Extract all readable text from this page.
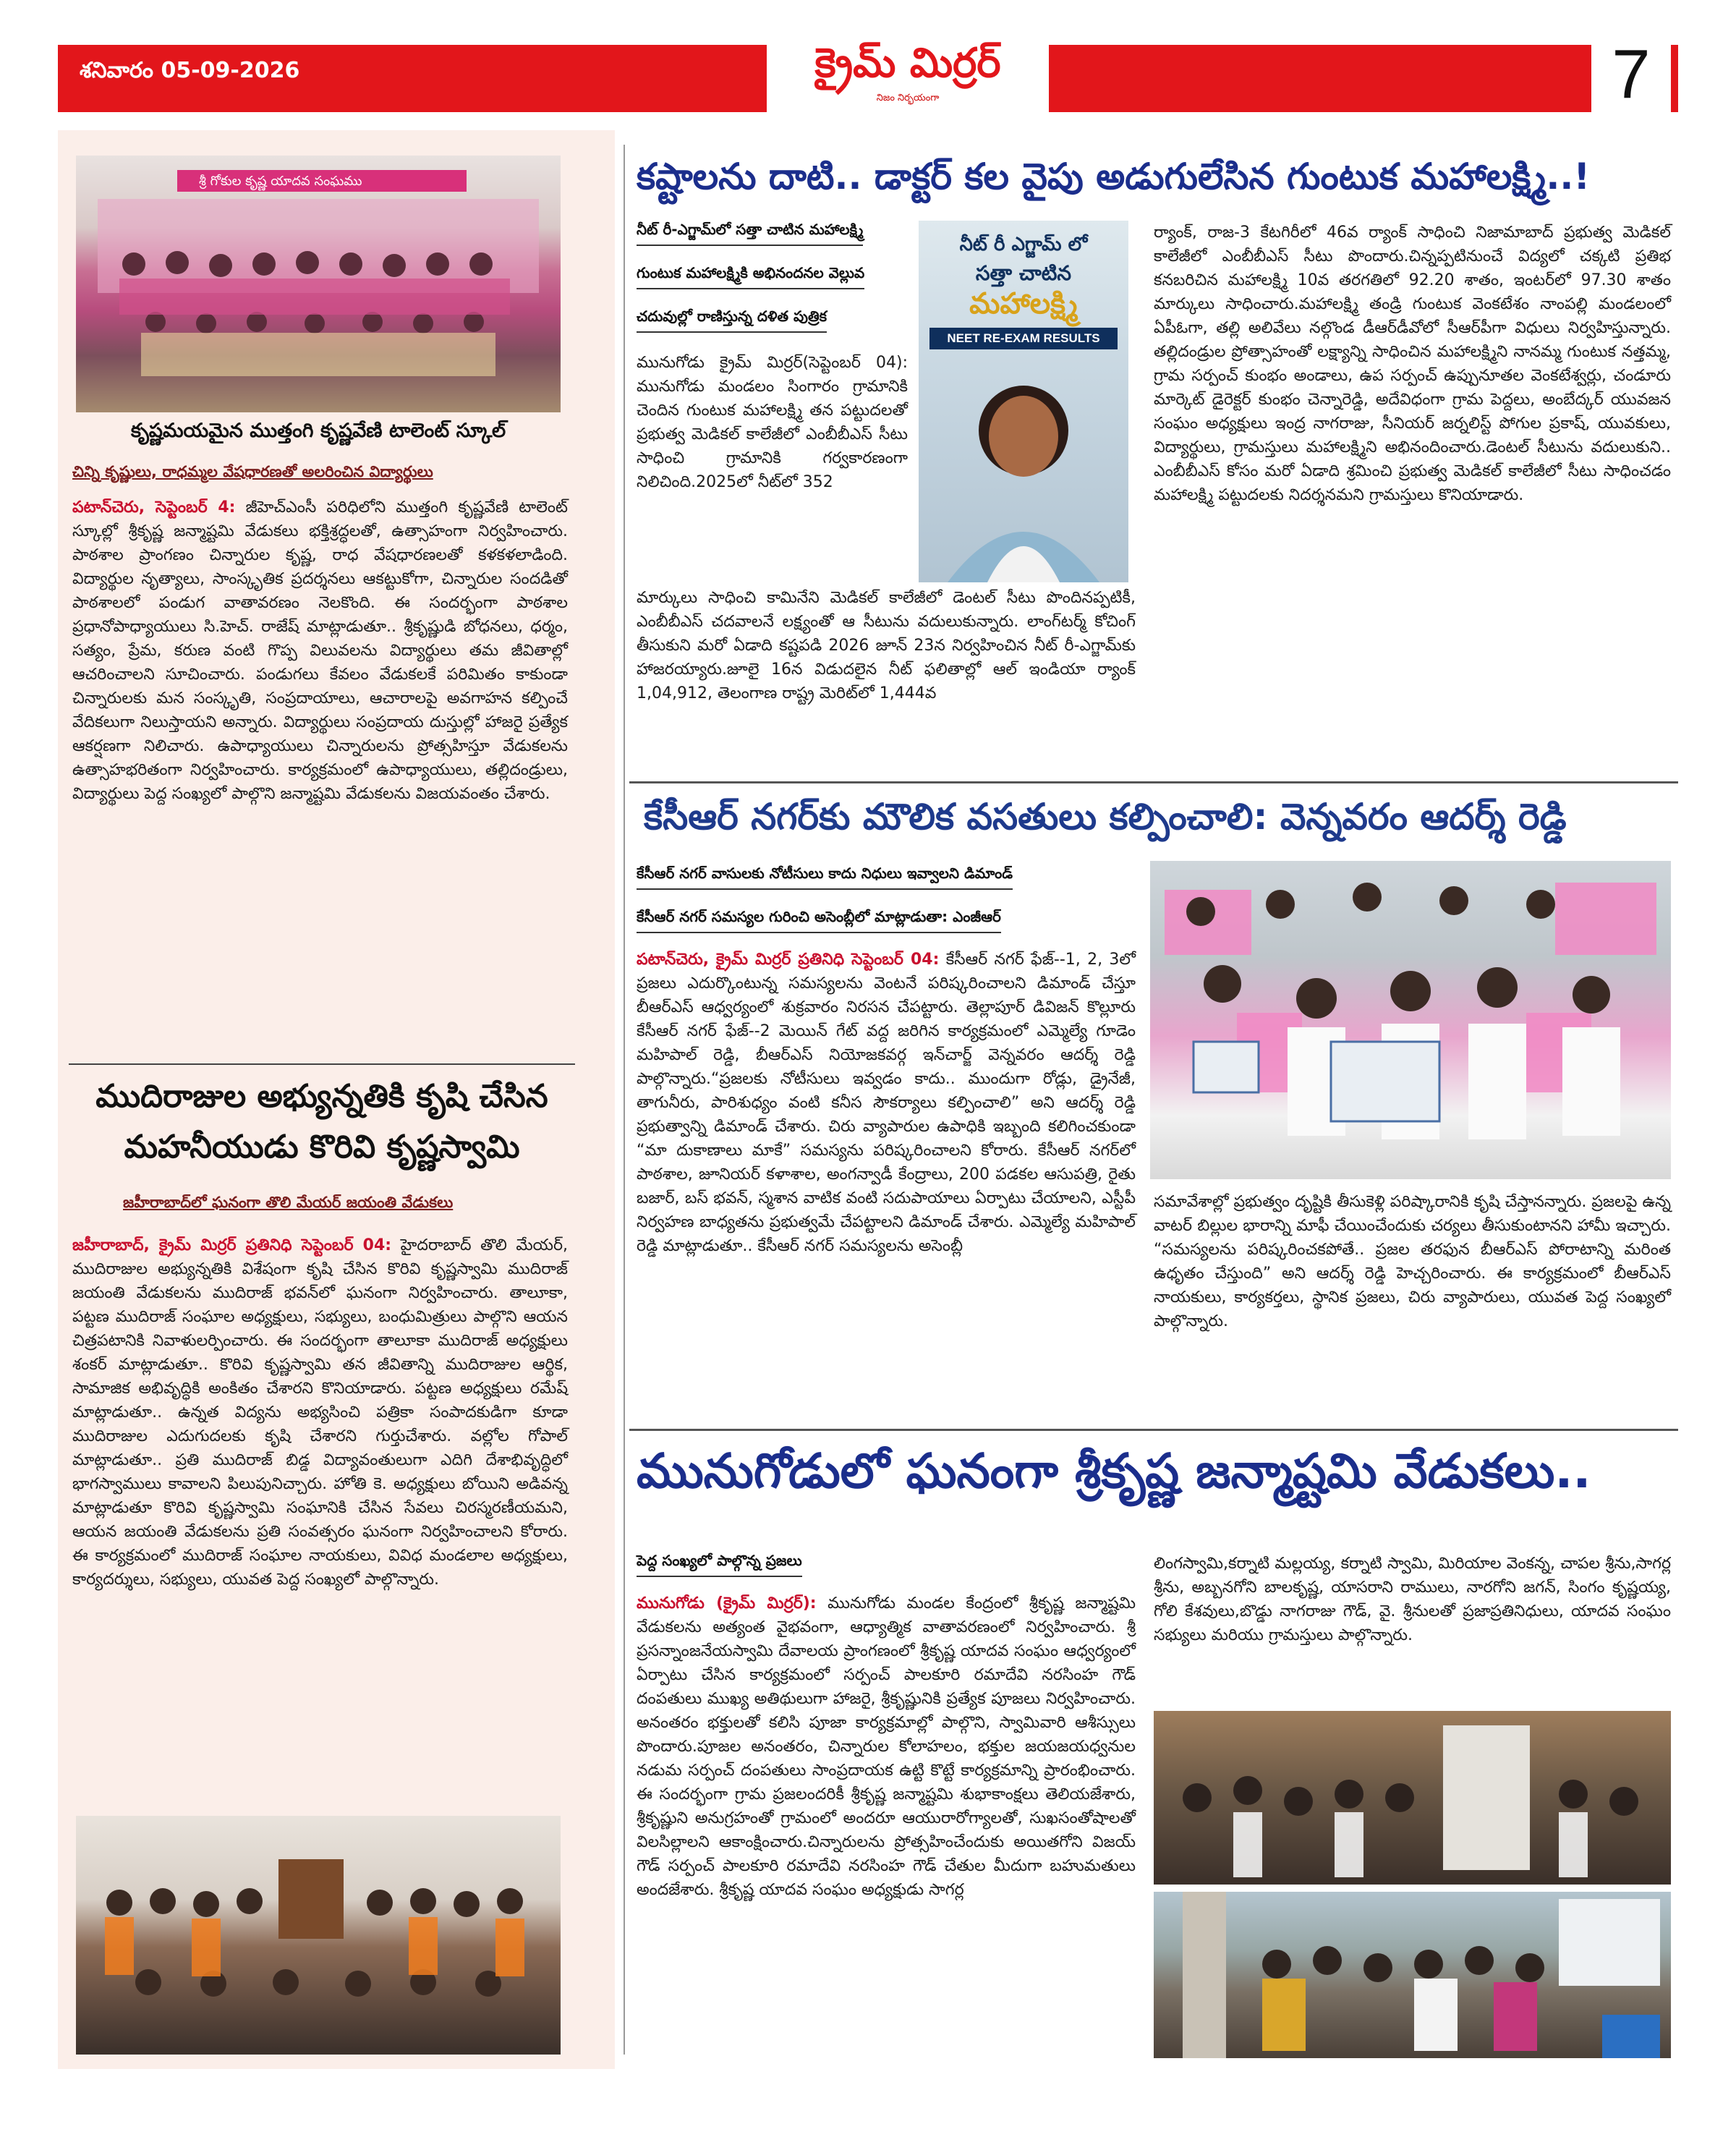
శనివారం 05-09-2026	క్రైమ్ మిర్రర్
నిజం నిర్భయంగా	7
శ్రీ గోకుల కృష్ణ యాదవ సంఘము
కృష్ణమయమైన ముత్తంగి కృష్ణవేణి టాలెంట్ స్కూల్
చిన్ని కృష్ణులు, రాధమ్మల వేషధారణతో అలరించిన విద్యార్థులు
పటాన్‌చెరు, సెప్టెంబర్ 4: జీహెచ్ఎంసీ పరిధిలోని ముత్తంగి కృష్ణవేణి టాలెంట్ స్కూల్లో శ్రీకృష్ణ జన్మాష్టమి వేడుకలు భక్తిశ్రద్ధలతో, ఉత్సాహంగా నిర్వహించారు. పాఠశాల ప్రాంగణం చిన్నారుల కృష్ణ, రాధ వేషధారణలతో కళకళలాడింది. విద్యార్థుల నృత్యాలు, సాంస్కృతిక ప్రదర్శనలు ఆకట్టుకోగా, చిన్నారుల సందడితో పాఠశాలలో పండుగ వాతావరణం నెలకొంది. ఈ సందర్భంగా పాఠశాల ప్రధానోపాధ్యాయులు సి.హెచ్. రాజేష్ మాట్లాడుతూ.. శ్రీకృష్ణుడి బోధనలు, ధర్మం, సత్యం, ప్రేమ, కరుణ వంటి గొప్ప విలువలను విద్యార్థులు తమ జీవితాల్లో ఆచరించాలని సూచించారు. పండుగలు కేవలం వేడుకలకే పరిమితం కాకుండా చిన్నారులకు మన సంస్కృతి, సంప్రదాయాలు, ఆచారాలపై అవగాహన కల్పించే వేదికలుగా నిలుస్తాయని అన్నారు. విద్యార్థులు సంప్రదాయ దుస్తుల్లో హాజరై ప్రత్యేక ఆకర్షణగా నిలిచారు. ఉపాధ్యాయులు చిన్నారులను ప్రోత్సహిస్తూ వేడుకలను ఉత్సాహభరితంగా నిర్వహించారు. కార్యక్రమంలో ఉపాధ్యాయులు, తల్లిదండ్రులు, విద్యార్థులు పెద్ద సంఖ్యలో పాల్గొని జన్మాష్టమి వేడుకలను విజయవంతం చేశారు.
ముదిరాజుల అభ్యున్నతికి కృషి చేసిన
మహనీయుడు కొరివి కృష్ణస్వామి
జహీరాబాద్‌లో ఘనంగా తొలి మేయర్ జయంతి వేడుకలు
జహీరాబాద్, క్రైమ్ మిర్రర్ ప్రతినిధి సెప్టెంబర్ 04: హైదరాబాద్ తొలి మేయర్, ముదిరాజుల అభ్యున్నతికి విశేషంగా కృషి చేసిన కొరివి కృష్ణస్వామి ముదిరాజ్ జయంతి వేడుకలను ముదిరాజ్ భవన్‌లో ఘనంగా నిర్వహించారు. తాలూకా, పట్టణ ముదిరాజ్ సంఘాల అధ్యక్షులు, సభ్యులు, బంధుమిత్రులు పాల్గొని ఆయన చిత్రపటానికి నివాళులర్పించారు. ఈ సందర్భంగా తాలూకా ముదిరాజ్ అధ్యక్షులు శంకర్ మాట్లాడుతూ.. కొరివి కృష్ణస్వామి తన జీవితాన్ని ముదిరాజుల ఆర్థిక, సామాజిక అభివృద్ధికి అంకితం చేశారని కొనియాడారు. పట్టణ అధ్యక్షులు రమేష్ మాట్లాడుతూ.. ఉన్నత విద్యను అభ్యసించి పత్రికా సంపాదకుడిగా కూడా ముదిరాజుల ఎదుగుదలకు కృషి చేశారని గుర్తుచేశారు. వల్లోల గోపాల్ మాట్లాడుతూ.. ప్రతి ముదిరాజ్ బిడ్డ విద్యావంతులుగా ఎదిగి దేశాభివృద్ధిలో భాగస్వాములు కావాలని పిలుపునిచ్చారు. హోతి కె. అధ్యక్షులు బోయిని అడివన్న మాట్లాడుతూ కొరివి కృష్ణస్వామి సంఘానికి చేసిన సేవలు చిరస్మరణీయమని, ఆయన జయంతి వేడుకలను ప్రతి సంవత్సరం ఘనంగా నిర్వహించాలని కోరారు. ఈ కార్యక్రమంలో ముదిరాజ్ సంఘాల నాయకులు, వివిధ మండలాల అధ్యక్షులు, కార్యదర్శులు, సభ్యులు, యువత పెద్ద సంఖ్యలో పాల్గొన్నారు.
కష్టాలను దాటి.. డాక్టర్ కల వైపు అడుగులేసిన గుంటుక మహాలక్ష్మి..!
నీట్ రీ-ఎగ్జామ్‌లో సత్తా చాటిన మహాలక్ష్మి
గుంటుక మహాలక్ష్మికి అభినందనల వెల్లువ
చదువుల్లో రాణిస్తున్న దళిత పుత్రిక
నీట్ రీ ఎగ్జామ్ లో
సత్తా చాటిన
మహాలక్ష్మి
NEET RE-EXAM RESULTS
మునుగోడు క్రైమ్ మిర్రర్(సెప్టెంబర్ 04): మునుగోడు మండలం సింగారం గ్రామానికి చెందిన గుంటుక మహాలక్ష్మి తన పట్టుదలతో ప్రభుత్వ మెడికల్ కాలేజీలో ఎంబీబీఎస్ సీటు సాధించి గ్రామానికి గర్వకారణంగా నిలిచింది.2025లో నీట్‌లో 352
మార్కులు సాధించి కామినేని మెడికల్ కాలేజీలో డెంటల్ సీటు పొందినప్పటికీ, ఎంబీబీఎస్ చదవాలనే లక్ష్యంతో ఆ సీటును వదులుకున్నారు. లాంగ్‌టర్మ్ కోచింగ్ తీసుకుని మరో ఏడాది కష్టపడి 2026 జూన్ 23న నిర్వహించిన నీట్ రీ-ఎగ్జామ్‌కు హాజరయ్యారు.జూలై 16న విడుదలైన నీట్ ఫలితాల్లో ఆల్ ఇండియా ర్యాంక్ 1,04,912, తెలంగాణ రాష్ట్ర మెరిట్‌లో 1,444వ
ర్యాంక్, రాజ-3 కేటగిరీలో 46వ ర్యాంక్ సాధించి నిజామాబాద్ ప్రభుత్వ మెడికల్ కాలేజీలో ఎంబీబీఎస్ సీటు పొందారు.చిన్నప్పటినుంచే విద్యలో చక్కటి ప్రతిభ కనబరిచిన మహాలక్ష్మి 10వ తరగతిలో 92.20 శాతం, ఇంటర్‌లో 97.30 శాతం మార్కులు సాధించారు.మహాలక్ష్మి తండ్రి గుంటుక వెంకటేశం నాంపల్లి మండలంలో ఏపీఓగా, తల్లి అలివేలు నల్గొండ డీఆర్‌డీవోలో సీఆర్‌పీగా విధులు నిర్వహిస్తున్నారు. తల్లిదండ్రుల ప్రోత్సాహంతో లక్ష్యాన్ని సాధించిన మహాలక్ష్మిని నానమ్మ గుంటుక నత్తమ్మ, గ్రామ సర్పంచ్ కుంభం అండాలు, ఉప సర్పంచ్ ఉప్పునూతల వెంకటేశ్వర్లు, చండూరు మార్కెట్ డైరెక్టర్ కుంభం చెన్నారెడ్డి, అదేవిధంగా గ్రామ పెద్దలు, అంబేద్కర్ యువజన సంఘం అధ్యక్షులు ఇంద్ర నాగరాజు, సీనియర్ జర్నలిస్ట్ పోగుల ప్రకాష్, యువకులు, విద్యార్థులు, గ్రామస్తులు మహాలక్ష్మిని అభినందించారు.డెంటల్ సీటును వదులుకుని.. ఎంబీబీఎస్ కోసం మరో ఏడాది శ్రమించి ప్రభుత్వ మెడికల్ కాలేజీలో సీటు సాధించడం మహాలక్ష్మి పట్టుదలకు నిదర్శనమని గ్రామస్తులు కొనియాడారు.
కేసీఆర్ నగర్‌కు మౌలిక వసతులు కల్పించాలి: వెన్నవరం ఆదర్శ్ రెడ్డి
కేసీఆర్ నగర్ వాసులకు నోటీసులు కాదు నిధులు ఇవ్వాలని డిమాండ్
కేసీఆర్ నగర్ సమస్యల గురించి అసెంబ్లీలో మాట్లాడుతా: ఎంజీఆర్
పటాన్‌చెరు, క్రైమ్ మిర్రర్ ప్రతినిధి సెప్టెంబర్ 04: కేసీఆర్ నగర్ ఫేజ్--1, 2, 3లో ప్రజలు ఎదుర్కొంటున్న సమస్యలను వెంటనే పరిష్కరించాలని డిమాండ్ చేస్తూ బీఆర్ఎస్ ఆధ్వర్యంలో శుక్రవారం నిరసన చేపట్టారు. తెల్లాపూర్ డివిజన్ కొల్లూరు కేసీఆర్ నగర్ ఫేజ్--2 మెయిన్ గేట్ వద్ద జరిగిన కార్యక్రమంలో ఎమ్మెల్యే గూడెం మహిపాల్ రెడ్డి, బీఆర్ఎస్ నియోజకవర్గ ఇన్‌చార్జ్ వెన్నవరం ఆదర్శ్ రెడ్డి పాల్గొన్నారు.“ప్రజలకు నోటీసులు ఇవ్వడం కాదు.. ముందుగా రోడ్లు, డ్రైనేజీ, తాగునీరు, పారిశుధ్యం వంటి కనీస సౌకర్యాలు కల్పించాలి” అని ఆదర్శ్ రెడ్డి ప్రభుత్వాన్ని డిమాండ్ చేశారు. చిరు వ్యాపారుల ఉపాధికి ఇబ్బంది కలిగించకుండా “మా దుకాణాలు మాకే” సమస్యను పరిష్కరించాలని కోరారు. కేసీఆర్ నగర్‌లో పాఠశాల, జూనియర్ కళాశాల, అంగన్వాడీ కేంద్రాలు, 200 పడకల ఆసుపత్రి, రైతు బజార్, బస్ భవన్, స్మశాన వాటిక వంటి సదుపాయాలు ఏర్పాటు చేయాలని, ఎస్టీపీ నిర్వహణ బాధ్యతను ప్రభుత్వమే చేపట్టాలని డిమాండ్ చేశారు. ఎమ్మెల్యే మహిపాల్ రెడ్డి మాట్లాడుతూ.. కేసీఆర్ నగర్ సమస్యలను అసెంబ్లీ
సమావేశాల్లో ప్రభుత్వం దృష్టికి తీసుకెళ్లి పరిష్కారానికి కృషి చేస్తానన్నారు. ప్రజలపై ఉన్న వాటర్ బిల్లుల భారాన్ని మాఫీ చేయించేందుకు చర్యలు తీసుకుంటానని హామీ ఇచ్చారు. “సమస్యలను పరిష్కరించకపోతే.. ప్రజల తరఫున బీఆర్ఎస్ పోరాటాన్ని మరింత ఉధృతం చేస్తుంది” అని ఆదర్శ్ రెడ్డి హెచ్చరించారు. ఈ కార్యక్రమంలో బీఆర్ఎస్ నాయకులు, కార్యకర్తలు, స్థానిక ప్రజలు, చిరు వ్యాపారులు, యువత పెద్ద సంఖ్యలో పాల్గొన్నారు.
మునుగోడులో ఘనంగా శ్రీకృష్ణ జన్మాష్టమి వేడుకలు..
పెద్ద సంఖ్యలో పాల్గొన్న ప్రజలు
మునుగోడు (క్రైమ్ మిర్రర్): మునుగోడు మండల కేంద్రంలో శ్రీకృష్ణ జన్మాష్టమి వేడుకలను అత్యంత వైభవంగా, ఆధ్యాత్మిక వాతావరణంలో నిర్వహించారు. శ్రీ ప్రసన్నాంజనేయస్వామి దేవాలయ ప్రాంగణంలో శ్రీకృష్ణ యాదవ సంఘం ఆధ్వర్యంలో ఏర్పాటు చేసిన కార్యక్రమంలో సర్పంచ్ పాలకూరి రమాదేవి నరసింహ గౌడ్ దంపతులు ముఖ్య అతిథులుగా హాజరై, శ్రీకృష్ణునికి ప్రత్యేక పూజలు నిర్వహించారు. అనంతరం భక్తులతో కలిసి పూజా కార్యక్రమాల్లో పాల్గొని, స్వామివారి ఆశీస్సులు పొందారు.పూజల అనంతరం, చిన్నారుల కోలాహలం, భక్తుల జయజయధ్వనుల నడుమ సర్పంచ్ దంపతులు సాంప్రదాయక ఉట్టి కొట్టే కార్యక్రమాన్ని ప్రారంభించారు. ఈ సందర్భంగా గ్రామ ప్రజలందరికీ శ్రీకృష్ణ జన్మాష్టమి శుభాకాంక్షలు తెలియజేశారు, శ్రీకృష్ణుని అనుగ్రహంతో గ్రామంలో అందరూ ఆయురారోగ్యాలతో, సుఖసంతోషాలతో విలసిల్లాలని ఆకాంక్షించారు.చిన్నారులను ప్రోత్సహించేందుకు అయితగోని విజయ్ గౌడ్ సర్పంచ్ పాలకూరి రమాదేవి నరసింహ గౌడ్ చేతుల మీదుగా బహుమతులు అందజేశారు. శ్రీకృష్ణ యాదవ సంఘం అధ్యక్షుడు సాగర్ల
లింగస్వామి,కర్నాటి మల్లయ్య, కర్నాటి స్వామి, మిరియాల వెంకన్న, చాపల శ్రీను,సాగర్ల శ్రీను, అబ్బనగోని బాలకృష్ణ, యాసరాని రాములు, నారగోని జగన్, సింగం కృష్ణయ్య, గోలి కేశవులు,బొడ్డు నాగరాజు గౌడ్, వై. శ్రీనులతో ప్రజాప్రతినిధులు, యాదవ సంఘం సభ్యులు మరియు గ్రామస్తులు పాల్గొన్నారు.
